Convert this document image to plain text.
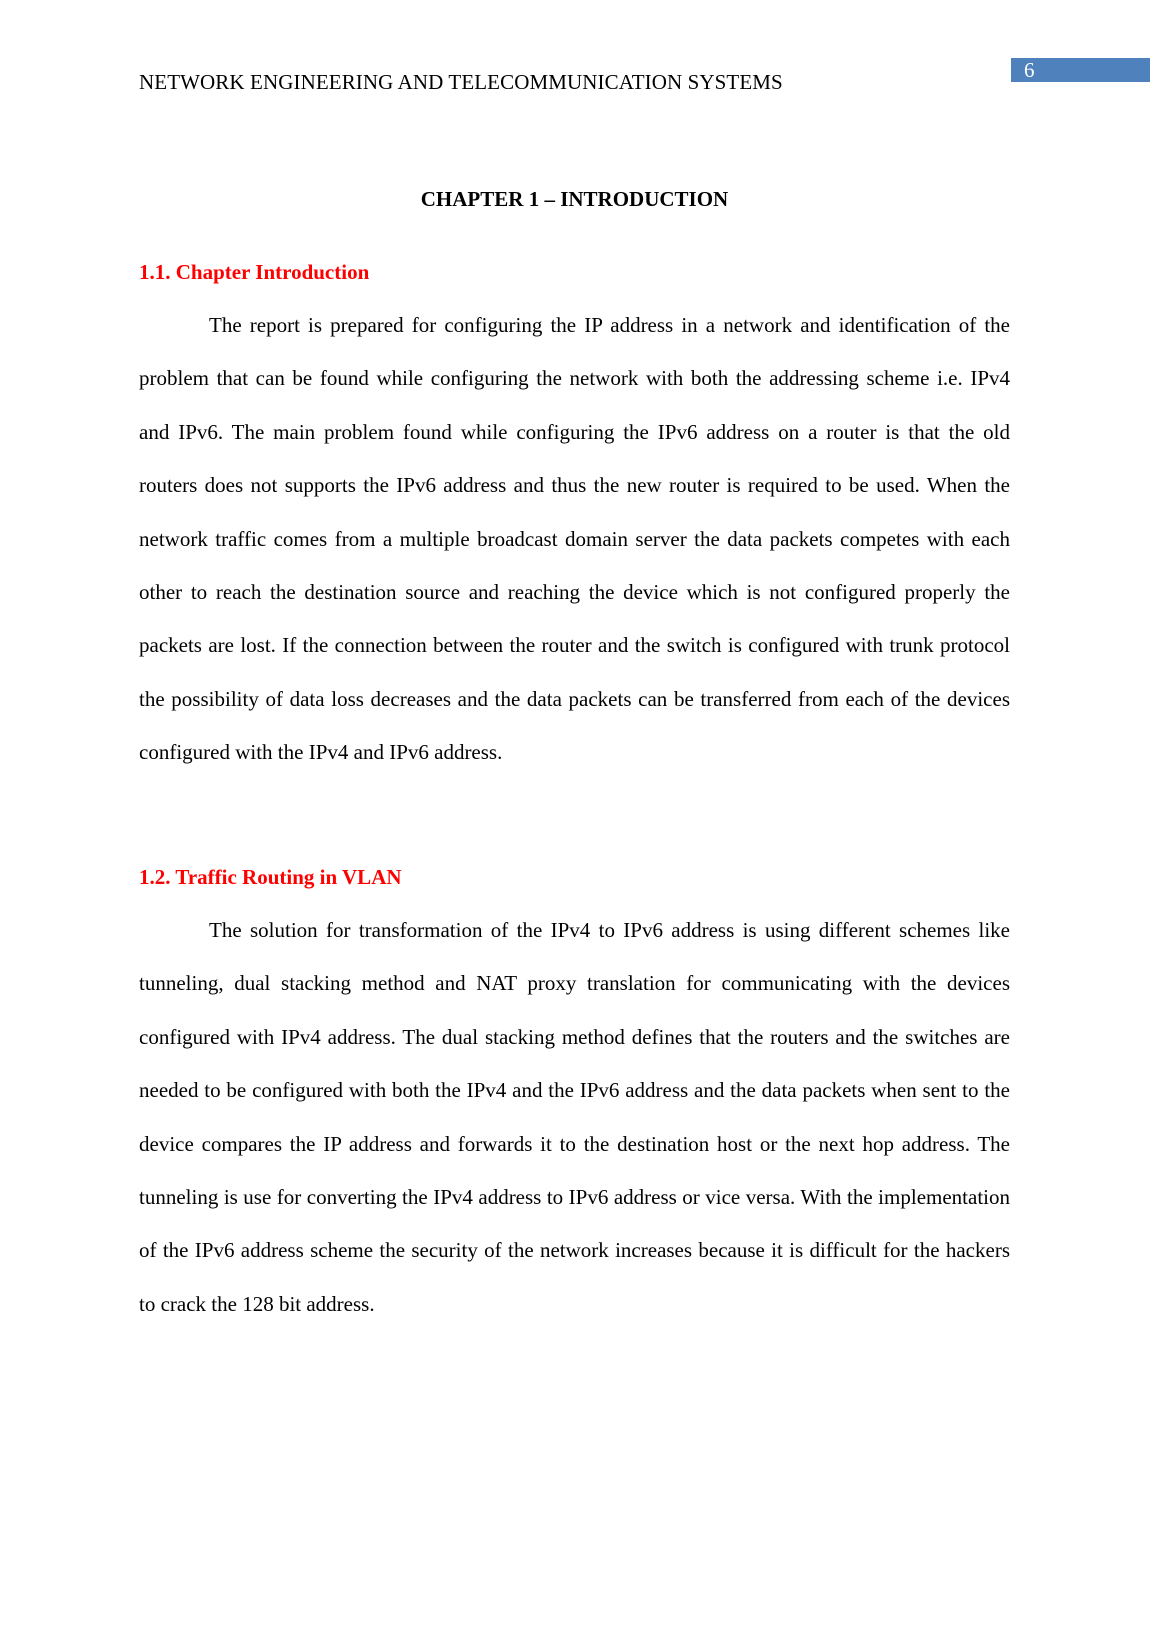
NETWORK ENGINEERING AND TELECOMMUNICATION SYSTEMS	6
CHAPTER 1 – INTRODUCTION
1.1. Chapter Introduction

The report is prepared for configuring the IP address in a network and identification of the problem that can be found while configuring the network with both the addressing scheme i.e. IPv4 and IPv6. The main problem found while configuring the IPv6 address on a router is that the old routers does not supports the IPv6 address and thus the new router is required to be used. When the network traffic comes from a multiple broadcast domain server the data packets competes with each other to reach the destination source and reaching the device which is not configured properly the packets are lost. If the connection between the router and the switch is configured with trunk protocol the possibility of data loss decreases and the data packets can be transferred from each of the devices configured with the IPv4 and IPv6 address.

1.2. Traffic Routing in VLAN

The solution for transformation of the IPv4 to IPv6 address is using different schemes like tunneling, dual stacking method and NAT proxy translation for communicating with the devices configured with IPv4 address. The dual stacking method defines that the routers and the switches are needed to be configured with both the IPv4 and the IPv6 address and the data packets when sent to the device compares the IP address and forwards it to the destination host or the next hop address. The tunneling is use for converting the IPv4 address to IPv6 address or vice versa. With the implementation of the IPv6 address scheme the security of the network increases because it is difficult for the hackers to crack the 128 bit address.
